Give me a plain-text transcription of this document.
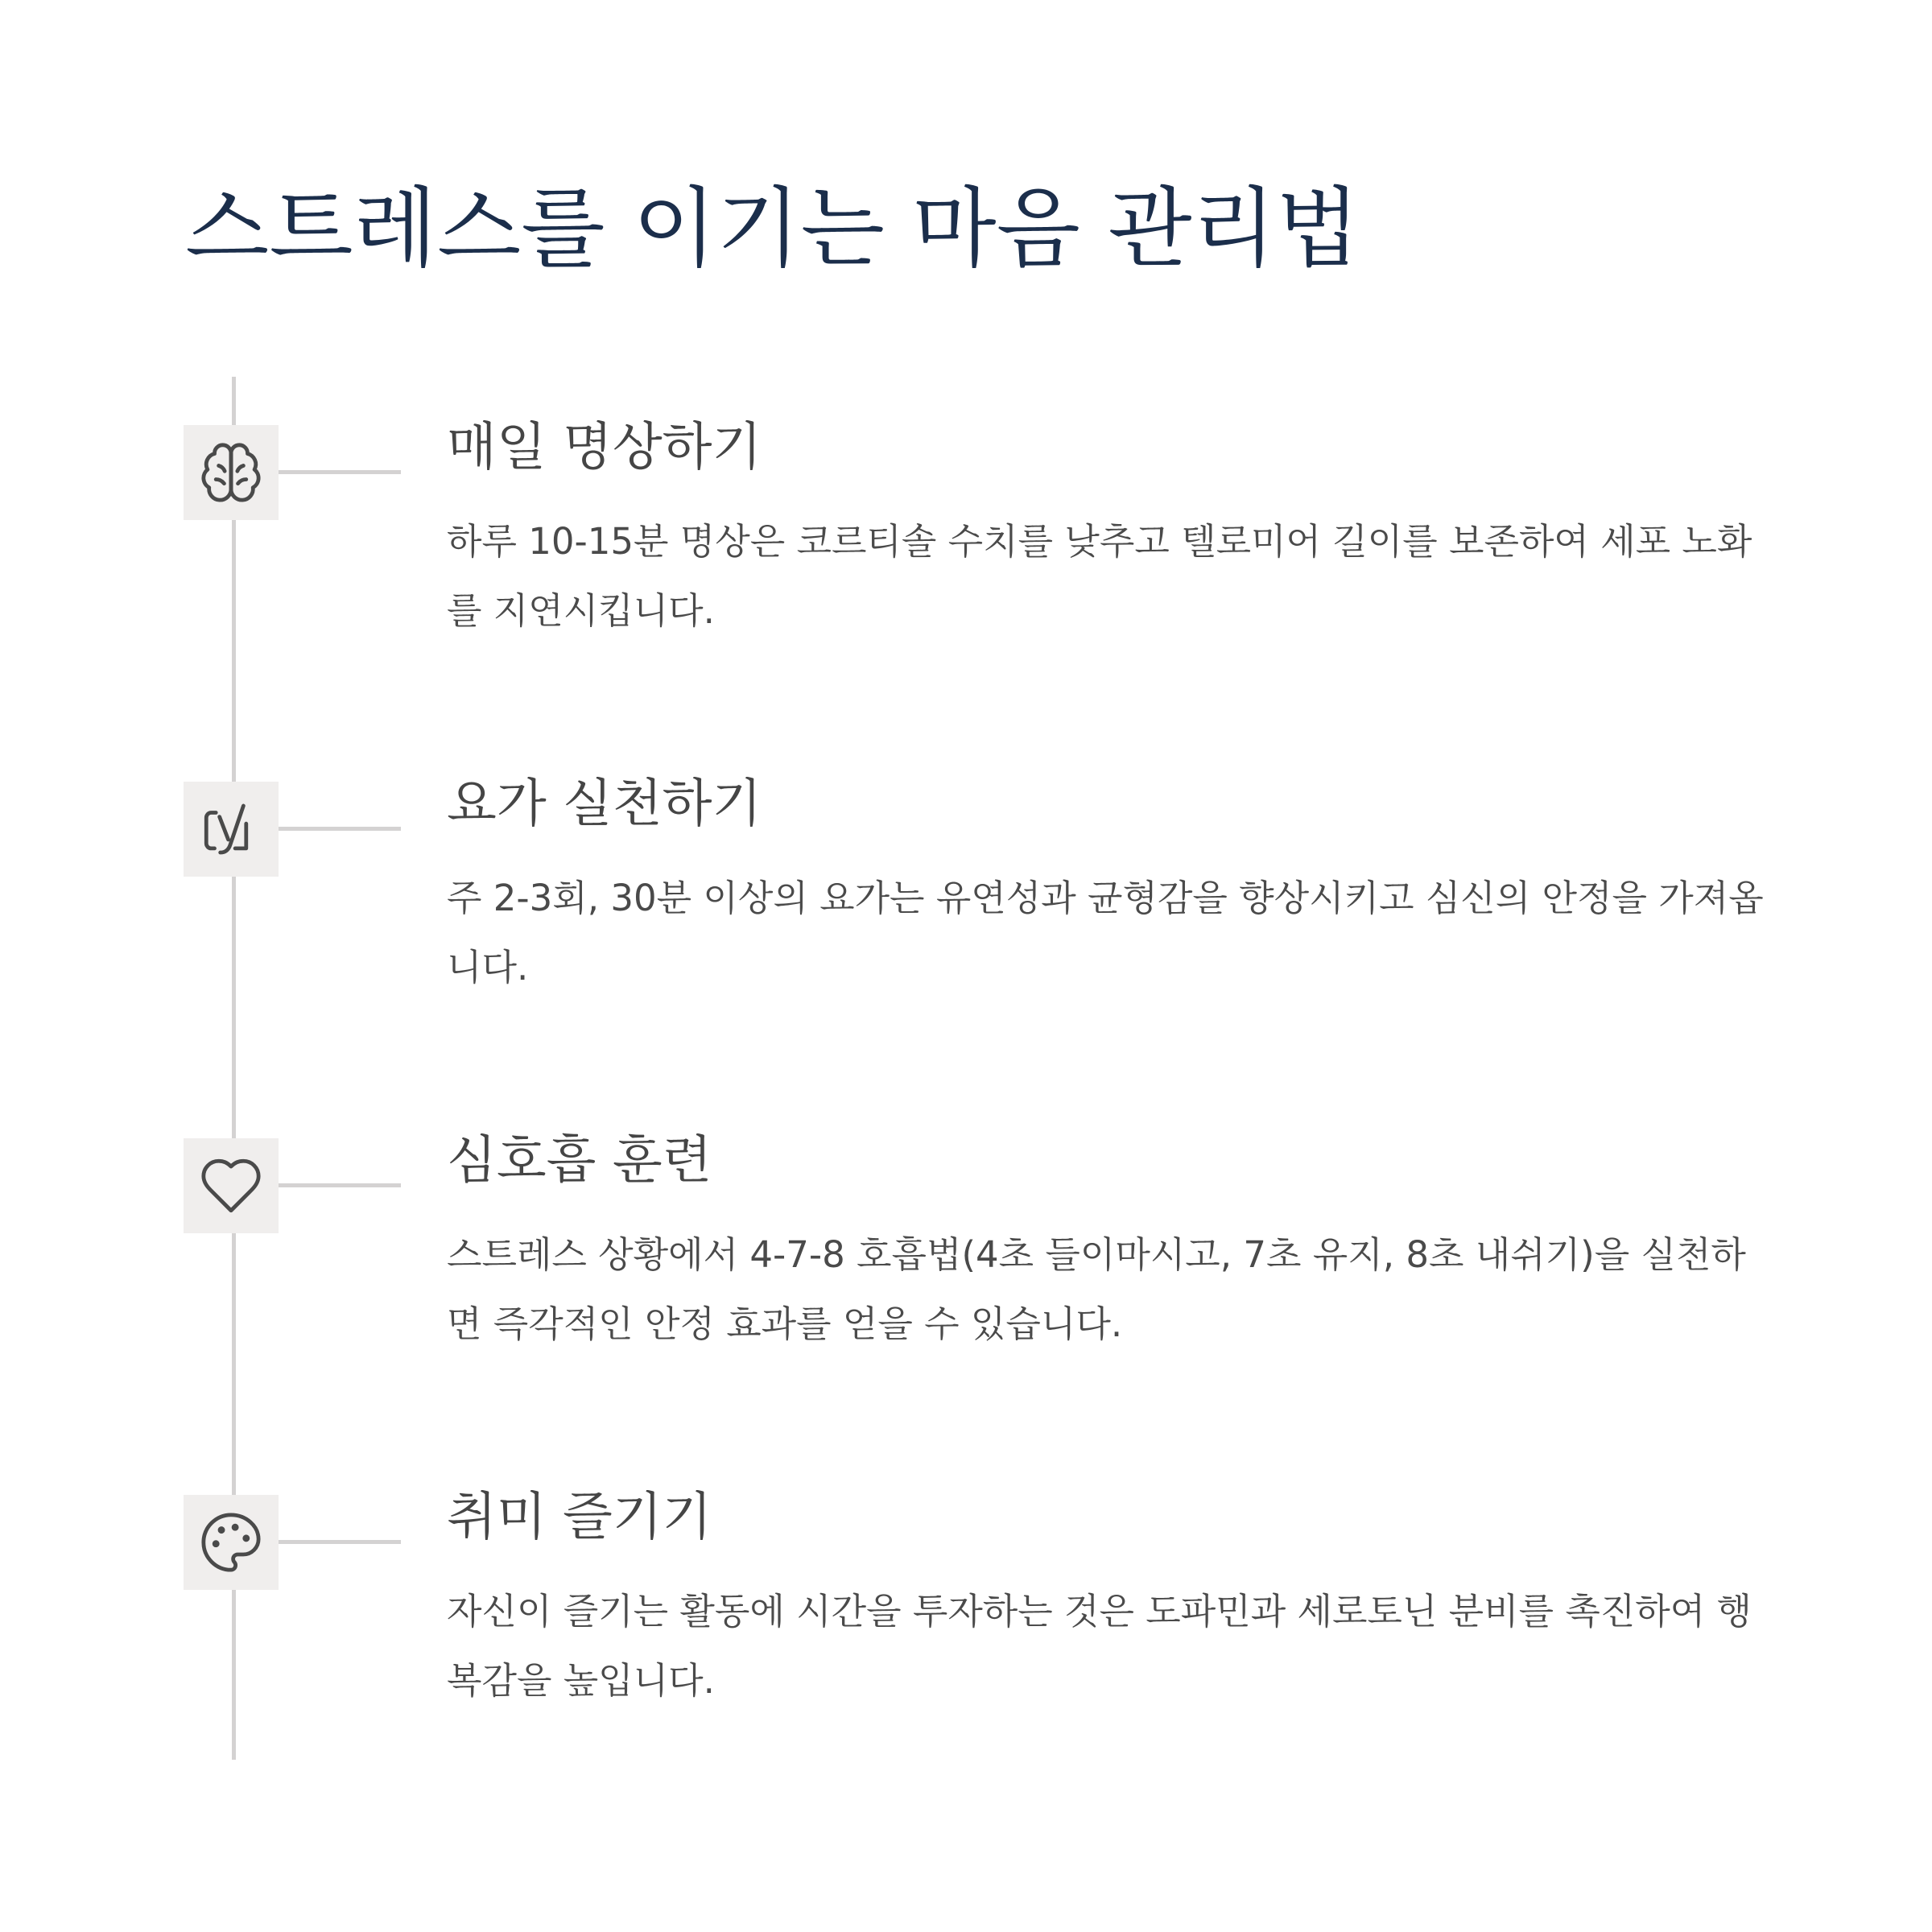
스트레스를 이기는 마음 관리법
매일 명상하기

하루 10-15분 명상은 코르티솔 수치를 낮추고 텔로미어 길이를 보존하여 세포 노화를 지연시킵니다.

요가 실천하기

주 2-3회, 30분 이상의 요가는 유연성과 균형감을 향상시키고 심신의 안정을 가져옵니다.

심호흡 훈련

스트레스 상황에서 4-7-8 호흡법(4초 들이마시고, 7초 유지, 8초 내쉬기)을 실천하면 즉각적인 안정 효과를 얻을 수 있습니다.

취미 즐기기

자신이 즐기는 활동에 시간을 투자하는 것은 도파민과 세로토닌 분비를 촉진하여 행복감을 높입니다.
